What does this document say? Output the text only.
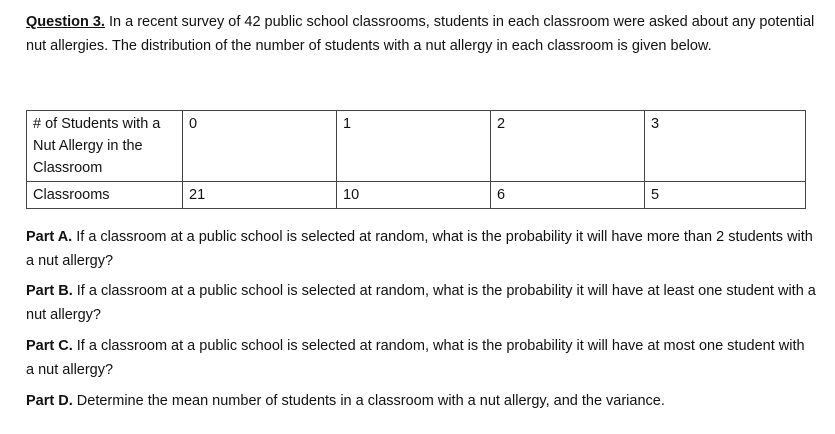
Question 3. In a recent survey of 42 public school classrooms, students in each classroom were asked about any potential nut allergies. The distribution of the number of students with a nut allergy in each classroom is given below.
# of Students with a Nut Allergy in the Classroom	0	1	2	3
Classrooms	21	10	6	5
Part A. If a classroom at a public school is selected at random, what is the probability it will have more than 2 students with a nut allergy?
Part B. If a classroom at a public school is selected at random, what is the probability it will have at least one student with a nut allergy?
Part C. If a classroom at a public school is selected at random, what is the probability it will have at most one student with a nut allergy?
Part D. Determine the mean number of students in a classroom with a nut allergy, and the variance.
